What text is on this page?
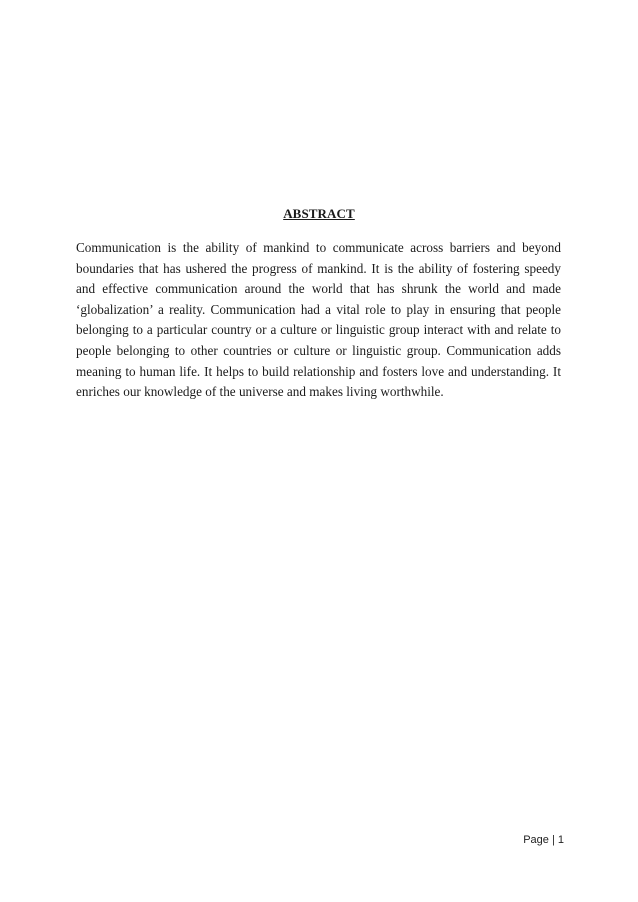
ABSTRACT

Communication is the ability of mankind to communicate across barriers and beyond boundaries that has ushered the progress of mankind. It is the ability of fostering speedy and effective communication around the world that has shrunk the world and made ‘globalization’ a reality. Communication had a vital role to play in ensuring that people belonging to a particular country or a culture or linguistic group interact with and relate to people belonging to other countries or culture or linguistic group. Communication adds meaning to human life. It helps to build relationship and fosters love and understanding. It enriches our knowledge of the universe and makes living worthwhile.

Page | 1
